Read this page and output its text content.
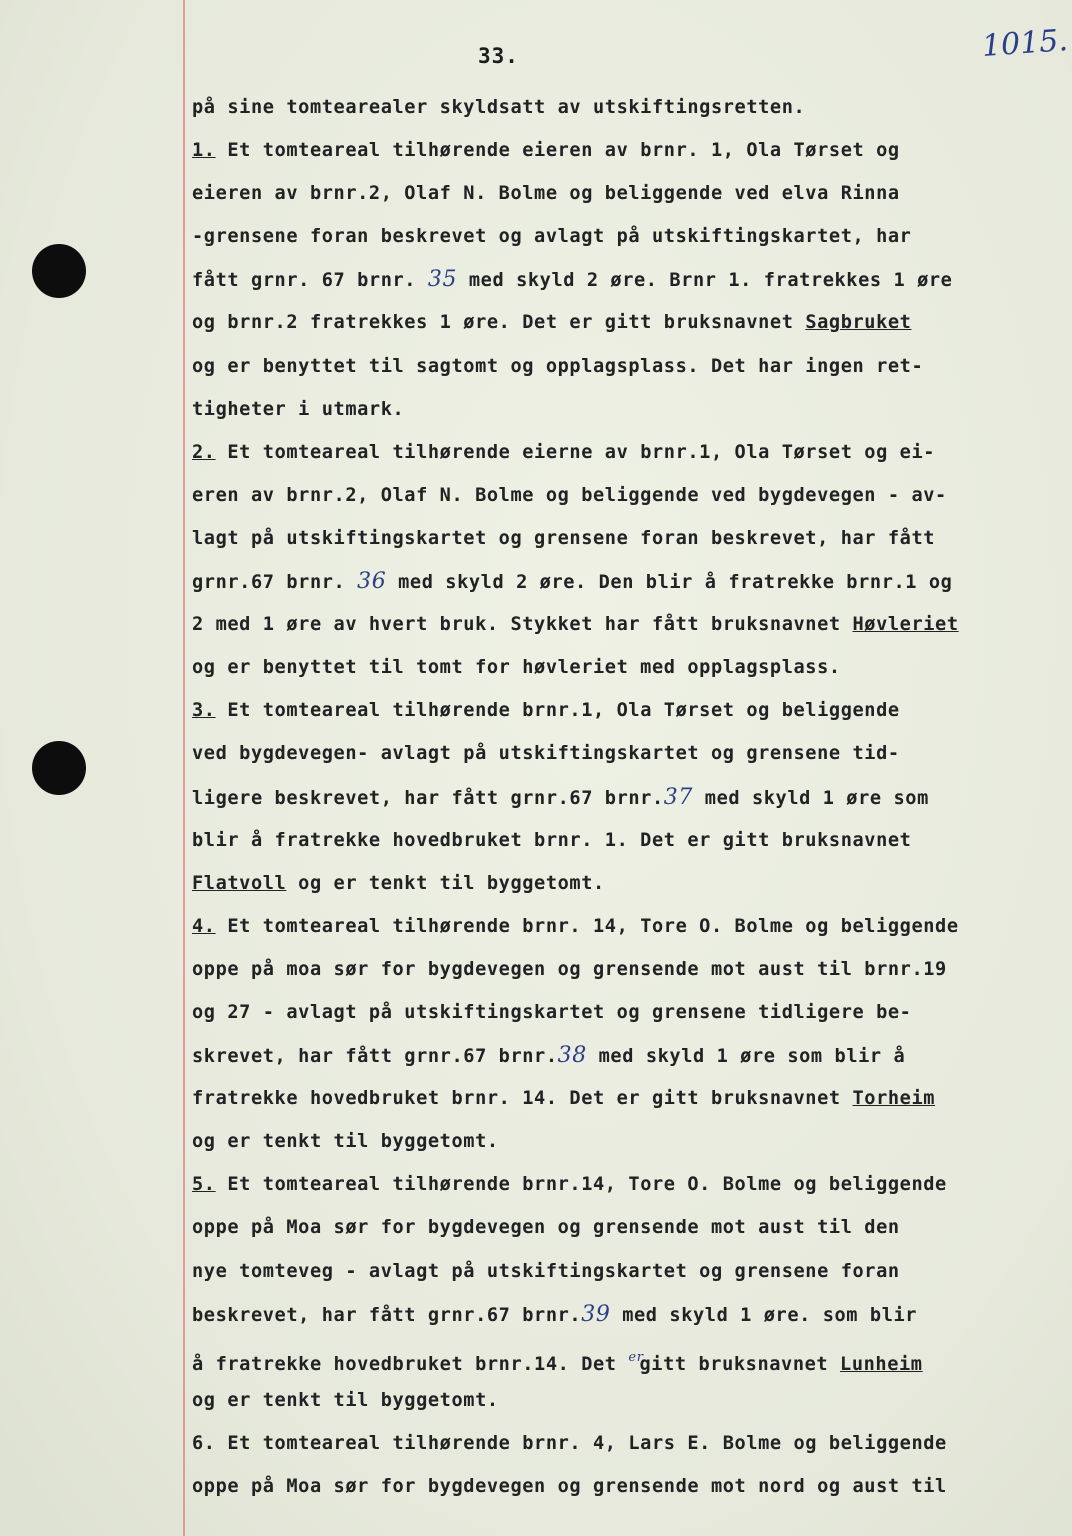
33.	1015.
på sine tomtearealer skyldsatt av utskiftingsretten.
1. Et tomteareal tilhørende eieren av brnr. 1, Ola Tørset og
eieren av brnr.2, Olaf N. Bolme og beliggende ved elva Rinna
-grensene foran beskrevet og avlagt på utskiftingskartet, har
fått grnr. 67 brnr. 35 med skyld 2 øre. Brnr 1. fratrekkes 1 øre
og brnr.2 fratrekkes 1 øre. Det er gitt bruksnavnet Sagbruket
og er benyttet til sagtomt og opplagsplass. Det har ingen ret-
tigheter i utmark.
2. Et tomteareal tilhørende eierne av brnr.1, Ola Tørset og ei-
eren av brnr.2, Olaf N. Bolme og beliggende ved bygdevegen - av-
lagt på utskiftingskartet og grensene foran beskrevet, har fått
grnr.67 brnr. 36 med skyld 2 øre. Den blir å fratrekke brnr.1 og
2 med 1 øre av hvert bruk. Stykket har fått bruksnavnet Høvleriet
og er benyttet til tomt for høvleriet med opplagsplass.
3. Et tomteareal tilhørende brnr.1, Ola Tørset og beliggende
ved bygdevegen- avlagt på utskiftingskartet og grensene tid-
ligere beskrevet, har fått grnr.67 brnr.37 med skyld 1 øre som
blir å fratrekke hovedbruket brnr. 1. Det er gitt bruksnavnet
Flatvoll og er tenkt til byggetomt.
4. Et tomteareal tilhørende brnr. 14, Tore O. Bolme og beliggende
oppe på moa sør for bygdevegen og grensende mot aust til brnr.19
og 27 - avlagt på utskiftingskartet og grensene tidligere be-
skrevet, har fått grnr.67 brnr.38 med skyld 1 øre som blir å
fratrekke hovedbruket brnr. 14. Det er gitt bruksnavnet Torheim
og er tenkt til byggetomt.
5. Et tomteareal tilhørende brnr.14, Tore O. Bolme og beliggende
oppe på Moa sør for bygdevegen og grensende mot aust til den
nye tomteveg - avlagt på utskiftingskartet og grensene foran
beskrevet, har fått grnr.67 brnr.39 med skyld 1 øre. som blir
å fratrekke hovedbruket brnr.14. Det $^{er}$gitt bruksnavnet Lunheim
og er tenkt til byggetomt.
6. Et tomteareal tilhørende brnr. 4, Lars E. Bolme og beliggende
oppe på Moa sør for bygdevegen og grensende mot nord og aust til
